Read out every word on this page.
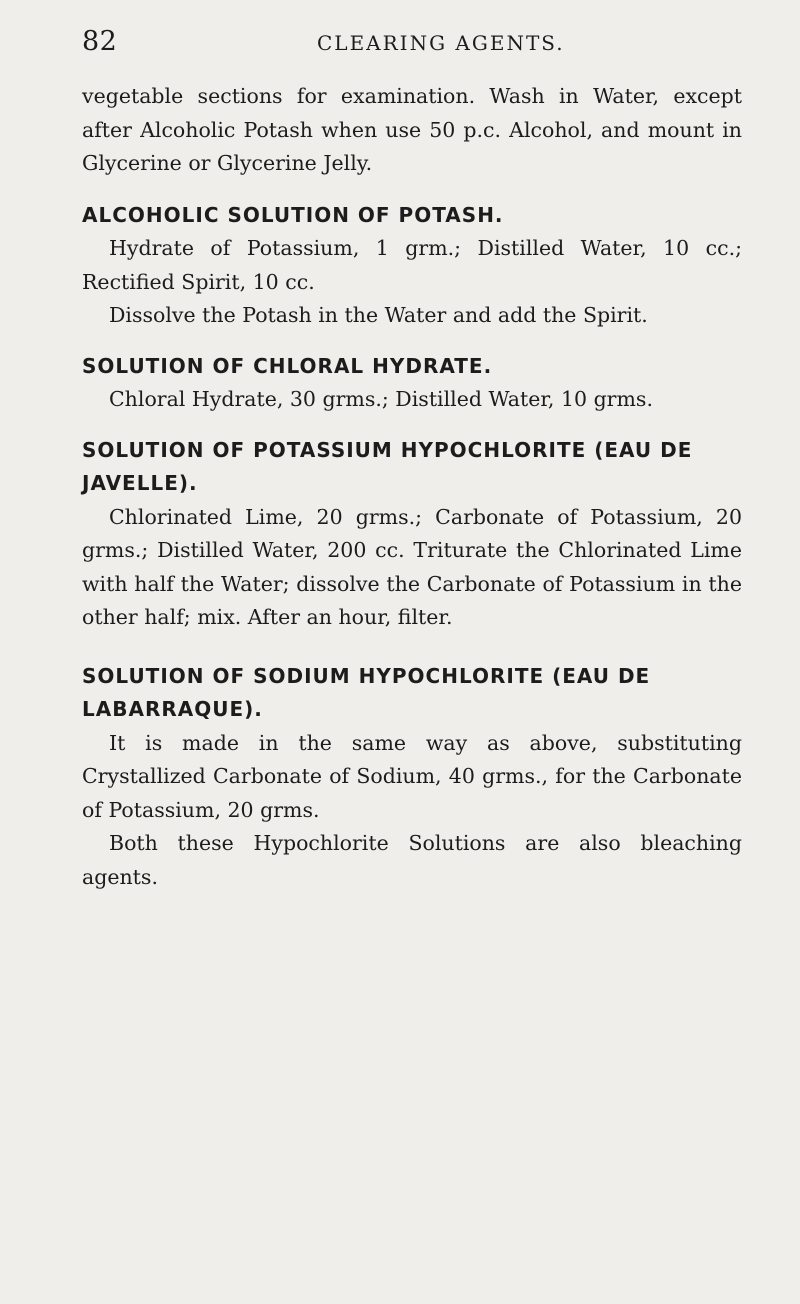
82	CLEARING AGENTS.

vegetable sections for examination. Wash in Water, except after Alcoholic Potash when use 50 p.c. Alcohol, and mount in Glycerine or Glycerine Jelly.

ALCOHOLIC SOLUTION OF POTASH.

Hydrate of Potassium, 1 grm.; Distilled Water, 10 cc.; Rectified Spirit, 10 cc.

Dissolve the Potash in the Water and add the Spirit.

SOLUTION OF CHLORAL HYDRATE.

Chloral Hydrate, 30 grms.; Distilled Water, 10 grms.

SOLUTION OF POTASSIUM HYPOCHLORITE (EAU DE JAVELLE).

Chlorinated Lime, 20 grms.; Carbonate of Potassium, 20 grms.; Distilled Water, 200 cc. Triturate the Chlorinated Lime with half the Water; dissolve the Carbonate of Potassium in the other half; mix. After an hour, filter.

SOLUTION OF SODIUM HYPOCHLORITE (EAU DE LABARRAQUE).

It is made in the same way as above, substituting Crystallized Carbonate of Sodium, 40 grms., for the Carbonate of Potassium, 20 grms.

Both these Hypochlorite Solutions are also bleaching agents.
